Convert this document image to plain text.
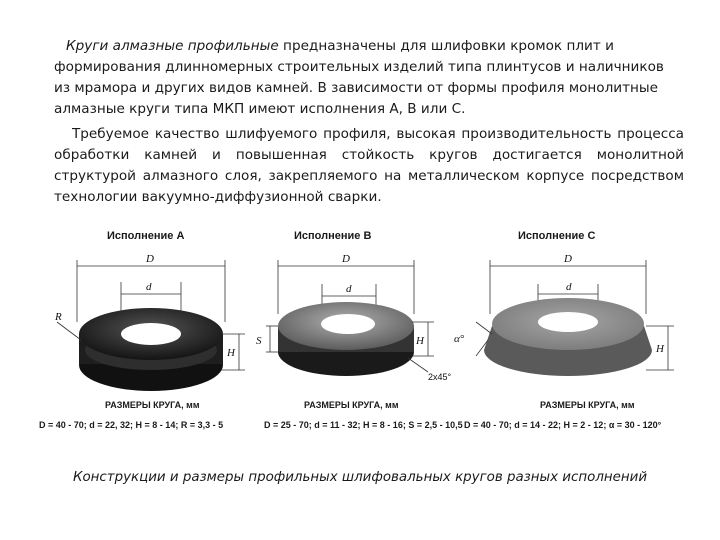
Круги алмазные профильные предназначены для шлифовки кромок плит и формирования длинномерных строительных изделий типа плинтусов и наличников из мрамора и других видов камней. В зависимости от формы профиля монолитные алмазные круги типа МКП имеют исполнения А, В или С.
Требуемое качество шлифуемого профиля, высокая производительность процесса обработки камней и повышенная стойкость кругов достигается монолитной структурой алмазного слоя, закрепляемого на металлическом корпусе посредством технологии вакуумно-диффузионной сварки.
Исполнение А
D
d
R
H
РАЗМЕРЫ КРУГА, мм
D = 40 - 70; d = 22, 32; H = 8 - 14; R = 3,3 - 5
Исполнение В
D
d
S	H
2x45°
РАЗМЕРЫ КРУГА, мм
D = 25 - 70; d = 11 - 32; H = 8 - 16; S = 2,5 - 10,5
Исполнение С
D
d
α°
H
РАЗМЕРЫ КРУГА, мм
D = 40 - 70; d = 14 - 22; H = 2 - 12; α = 30 - 120°
Конструкции и размеры профильных шлифовальных кругов разных исполнений
